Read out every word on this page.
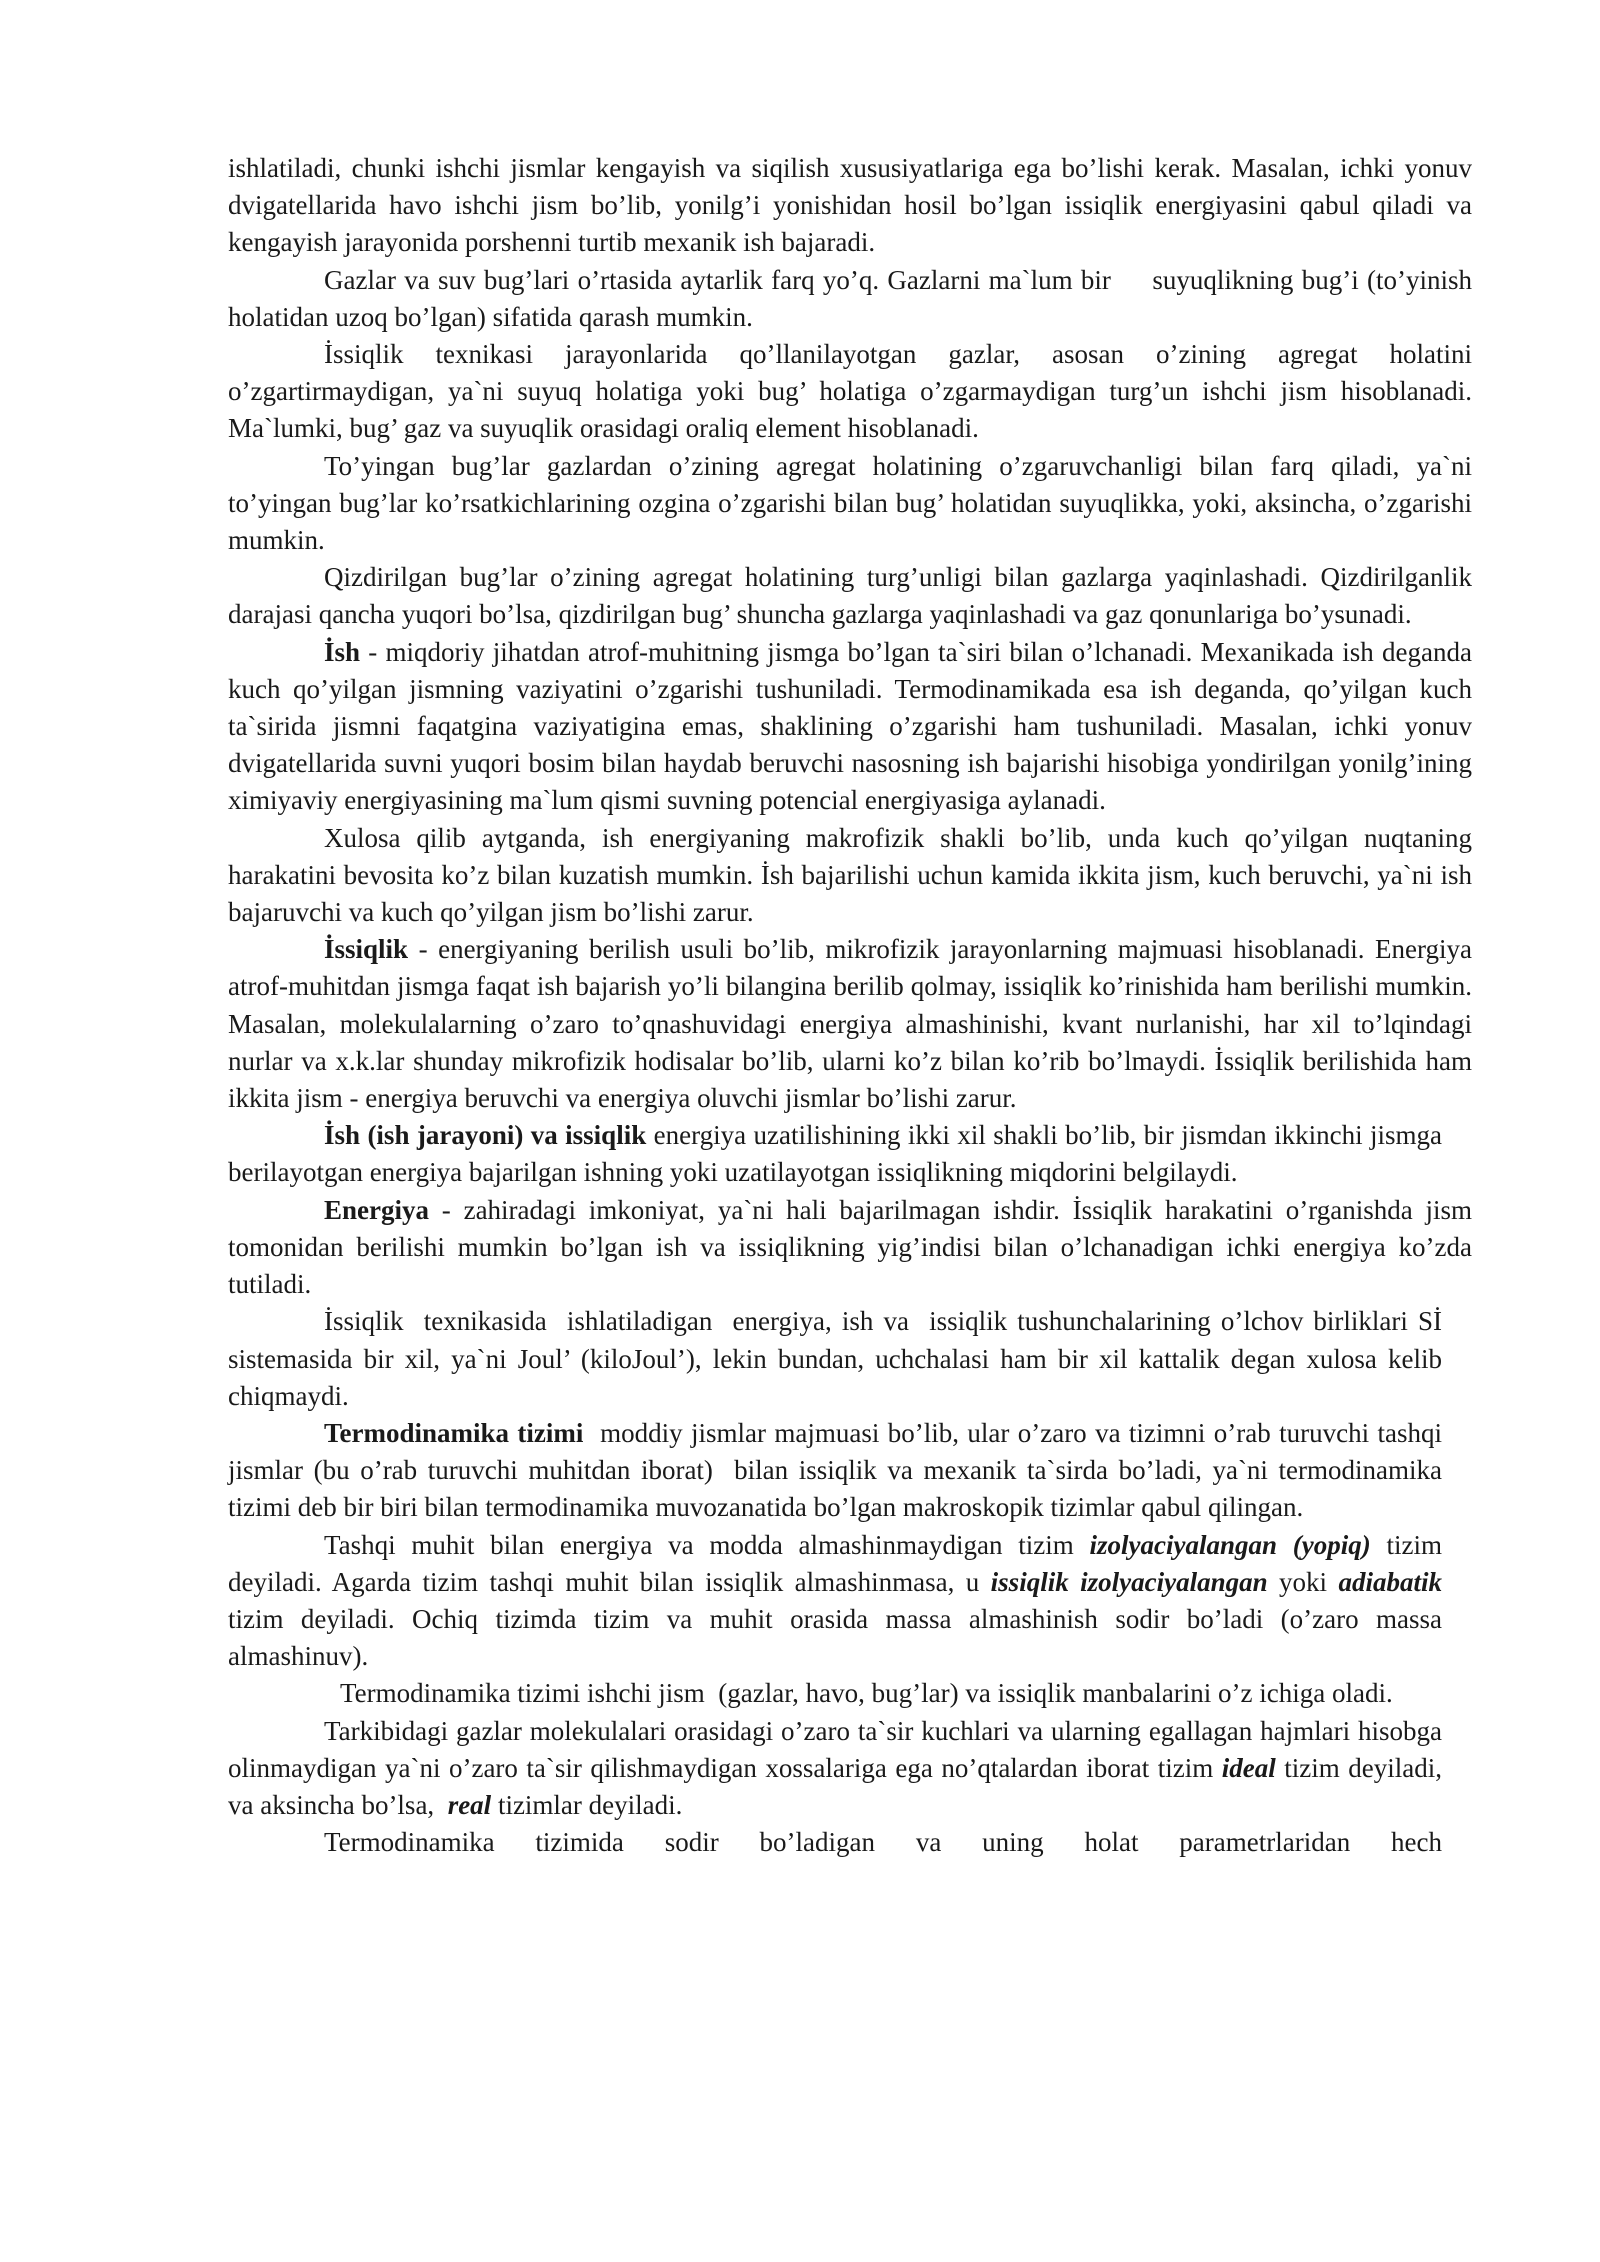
ishlatiladi, chunki ishchi jismlar kengayish va siqilish xususiyatlariga ega bo’lishi kerak. Masalan, ichki yonuv dvigatellarida havo ishchi jism bo’lib, yonilg’i yonishidan hosil bo’lgan issiqlik energiyasini qabul qiladi va kengayish jarayonida porshenni turtib mexanik ish bajaradi.

Gazlar va suv bug’lari o’rtasida aytarlik farq yo’q. Gazlarni ma`lum bir     suyuqlikning bug’i (to’yinish holatidan uzoq bo’lgan) sifatida qarash mumkin.

İssiqlik texnikasi jarayonlarida qo’llanilayotgan gazlar, asosan o’zining agregat holatini o’zgartirmaydigan, ya`ni suyuq holatiga yoki bug’ holatiga o’zgarmaydigan turg’un ishchi jism hisoblanadi. Ma`lumki, bug’ gaz va suyuqlik orasidagi oraliq element hisoblanadi.

To’yingan bug’lar gazlardan o’zining agregat holatining o’zgaruvchanligi bilan farq qiladi, ya`ni to’yingan bug’lar ko’rsatkichlarining ozgina o’zgarishi bilan bug’ holatidan suyuqlikka, yoki, aksincha, o’zgarishi mumkin.

Qizdirilgan bug’lar o’zining agregat holatining turg’unligi bilan gazlarga yaqinlashadi. Qizdirilganlik darajasi qancha yuqori bo’lsa, qizdirilgan bug’ shuncha gazlarga yaqinlashadi va gaz qonunlariga bo’ysunadi.

İsh - miqdoriy jihatdan atrof-muhitning jismga bo’lgan ta`siri bilan o’lchanadi. Mexanikada ish deganda kuch qo’yilgan jismning vaziyatini o’zgarishi tushuniladi. Termodinamikada esa ish deganda, qo’yilgan kuch ta`sirida jismni faqatgina vaziyatigina emas, shaklining o’zgarishi ham tushuniladi. Masalan, ichki yonuv dvigatellarida suvni yuqori bosim bilan haydab beruvchi nasosning ish bajarishi hisobiga yondirilgan yonilg’ining ximiyaviy energiyasining ma`lum qismi suvning potencial energiyasiga aylanadi.

Xulosa qilib aytganda, ish energiyaning makrofizik shakli bo’lib, unda kuch qo’yilgan nuqtaning harakatini bevosita ko’z bilan kuzatish mumkin. İsh bajarilishi uchun kamida ikkita jism, kuch beruvchi, ya`ni ish bajaruvchi va kuch qo’yilgan jism bo’lishi zarur.

İssiqlik - energiyaning berilish usuli bo’lib, mikrofizik jarayonlarning majmuasi hisoblanadi. Energiya atrof-muhitdan jismga faqat ish bajarish yo’li bilangina berilib qolmay, issiqlik ko’rinishida ham berilishi mumkin. Masalan, molekulalarning o’zaro to’qnashuvidagi energiya almashinishi, kvant nurlanishi, har xil to’lqindagi nurlar va x.k.lar shunday mikrofizik hodisalar bo’lib, ularni ko’z bilan ko’rib bo’lmaydi. İssiqlik berilishida ham ikkita jism - energiya beruvchi va energiya oluvchi jismlar bo’lishi zarur.

İsh (ish jarayoni) va issiqlik energiya uzatilishining ikki xil shakli bo’lib, bir jismdan ikkinchi jismga berilayotgan energiya bajarilgan ishning yoki uzatilayotgan issiqlikning miqdorini belgilaydi.

Energiya - zahiradagi imkoniyat, ya`ni hali bajarilmagan ishdir. İssiqlik harakatini o’rganishda jism tomonidan berilishi mumkin bo’lgan ish va issiqlikning yig’indisi bilan o’lchanadigan ichki energiya ko’zda tutiladi.

İssiqlik  texnikasida  ishlatiladigan  energiya, ish va  issiqlik tushunchalarining o’lchov birliklari Sİ sistemasida bir xil, ya`ni Joul’ (kiloJoul’), lekin bundan, uchchalasi ham bir xil kattalik degan xulosa kelib chiqmaydi.

Termodinamika tizimi  moddiy jismlar majmuasi bo’lib, ular o’zaro va tizimni o’rab turuvchi tashqi jismlar (bu o’rab turuvchi muhitdan iborat)  bilan issiqlik va mexanik ta`sirda bo’ladi, ya`ni termodinamika tizimi deb bir biri bilan termodinamika muvozanatida bo’lgan makroskopik tizimlar qabul qilingan.

Tashqi muhit bilan energiya va modda almashinmaydigan tizim izolyaciyalangan (yopiq) tizim deyiladi. Agarda tizim tashqi muhit bilan issiqlik almashinmasa, u issiqlik izolyaciyalangan yoki adiabatik tizim deyiladi. Ochiq tizimda tizim va muhit orasida massa almashinish sodir bo’ladi (o’zaro massa almashinuv).

Termodinamika tizimi ishchi jism  (gazlar, havo, bug’lar) va issiqlik manbalarini o’z ichiga oladi.

Tarkibidagi gazlar molekulalari orasidagi o’zaro ta`sir kuchlari va ularning egallagan hajmlari hisobga olinmaydigan ya`ni o’zaro ta`sir qilishmaydigan xossalariga ega no’qtalardan iborat tizim ideal tizim deyiladi, va aksincha bo’lsa,  real tizimlar deyiladi.

Termodinamika tizimida sodir bo’ladigan va uning holat parametrlaridan hech
